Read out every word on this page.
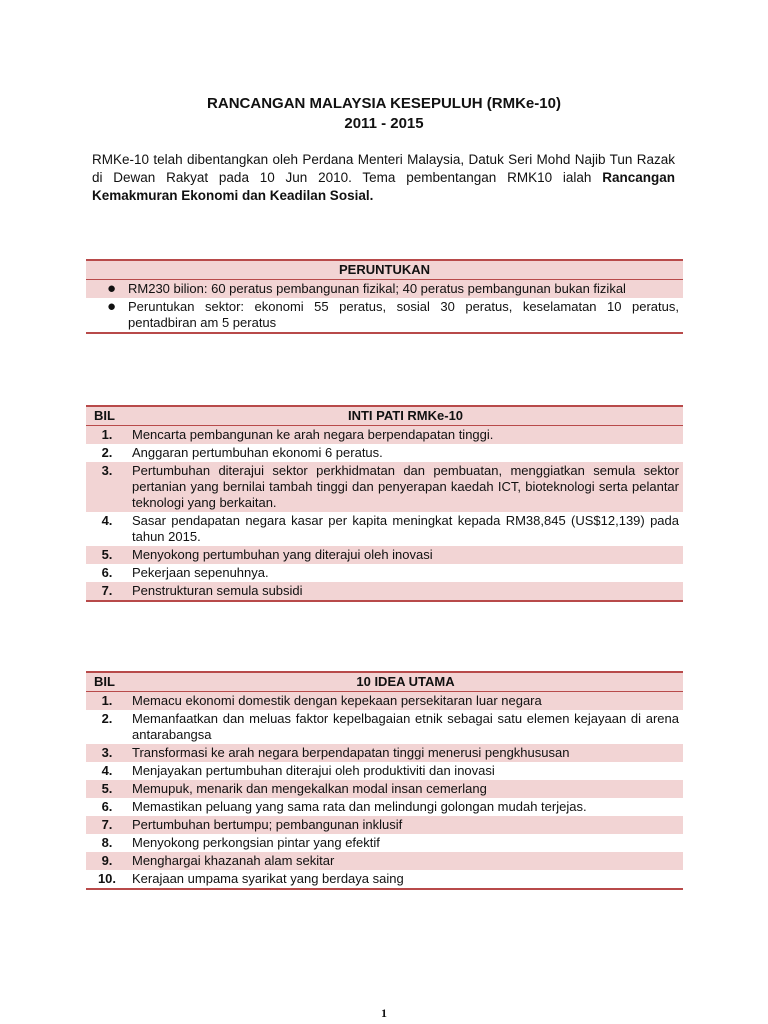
RANCANGAN MALAYSIA KESEPULUH (RMKe-10)
2011 - 2015

RMKe-10 telah dibentangkan oleh Perdana Menteri Malaysia, Datuk Seri Mohd Najib Tun Razak di Dewan Rakyat pada 10 Jun 2010. Tema pembentangan RMK10 ialah Rancangan Kemakmuran Ekonomi dan Keadilan Sosial.

PERUNTUKAN	
●	RM230 bilion: 60 peratus pembangunan fizikal; 40 peratus pembangunan bukan fizikal
●	Peruntukan sektor: ekonomi 55 peratus, sosial 30 peratus, keselamatan 10 peratus, pentadbiran am 5 peratus
BIL	INTI PATI RMKe-10
1.	Mencarta pembangunan ke arah negara berpendapatan tinggi.
2.	Anggaran pertumbuhan ekonomi 6 peratus.
3.	Pertumbuhan diterajui sektor perkhidmatan dan pembuatan, menggiatkan semula sektor pertanian yang bernilai tambah tinggi dan penyerapan kaedah ICT, bioteknologi serta pelantar teknologi yang berkaitan.
4.	Sasar pendapatan negara kasar per kapita meningkat kepada RM38,845 (US$12,139) pada tahun 2015.
5.	Menyokong pertumbuhan yang diterajui oleh inovasi
6.	Pekerjaan sepenuhnya.
7.	Penstrukturan semula subsidi
BIL	10 IDEA UTAMA
1.	Memacu ekonomi domestik dengan kepekaan persekitaran luar negara
2.	Memanfaatkan dan meluas faktor kepelbagaian etnik sebagai satu elemen kejayaan di arena antarabangsa
3.	Transformasi ke arah negara berpendapatan tinggi menerusi pengkhususan
4.	Menjayakan pertumbuhan diterajui oleh produktiviti dan inovasi
5.	Memupuk, menarik dan mengekalkan modal insan cemerlang
6.	Memastikan peluang yang sama rata dan melindungi golongan mudah terjejas.
7.	Pertumbuhan bertumpu; pembangunan inklusif
8.	Menyokong perkongsian pintar yang efektif
9.	Menghargai khazanah alam sekitar
10.	Kerajaan umpama syarikat yang berdaya saing
1
